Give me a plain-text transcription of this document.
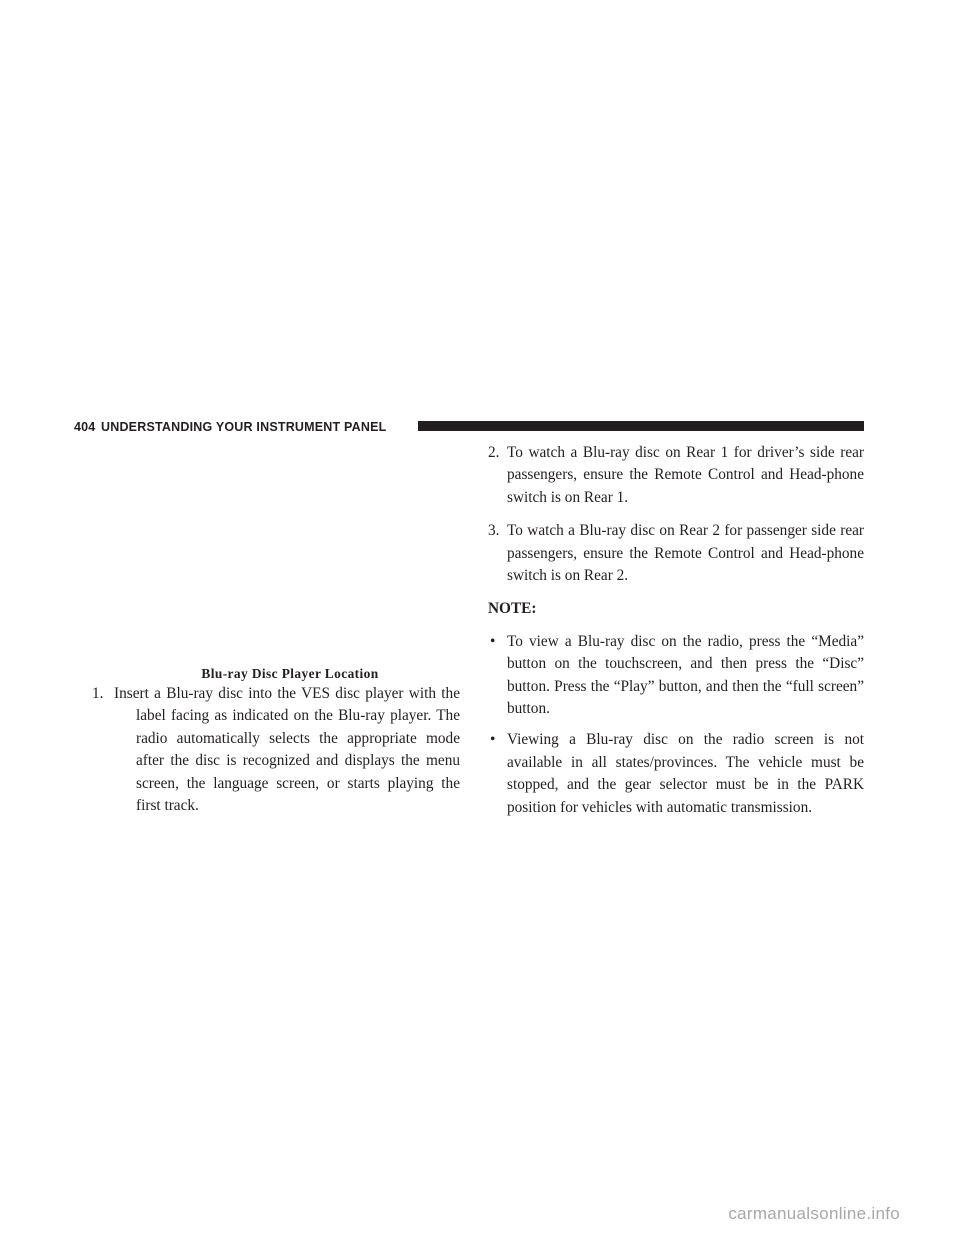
404 UNDERSTANDING YOUR INSTRUMENT PANEL
Blu-ray Disc Player Location
1. Insert a Blu-ray disc into the VES disc player with the label facing as indicated on the Blu-ray player. The radio automatically selects the appropriate mode after the disc is recognized and displays the menu screen, the language screen, or starts playing the first track.
2. To watch a Blu-ray disc on Rear 1 for driver’s side rear passengers, ensure the Remote Control and Head-phone switch is on Rear 1.
3. To watch a Blu-ray disc on Rear 2 for passenger side rear passengers, ensure the Remote Control and Head-phone switch is on Rear 2.
NOTE:
• To view a Blu-ray disc on the radio, press the “Media” button on the touchscreen, and then press the “Disc” button. Press the “Play” button, and then the “full screen” button.
• Viewing a Blu-ray disc on the radio screen is not available in all states/provinces. The vehicle must be stopped, and the gear selector must be in the PARK position for vehicles with automatic transmission.
carmanualsonline.info
